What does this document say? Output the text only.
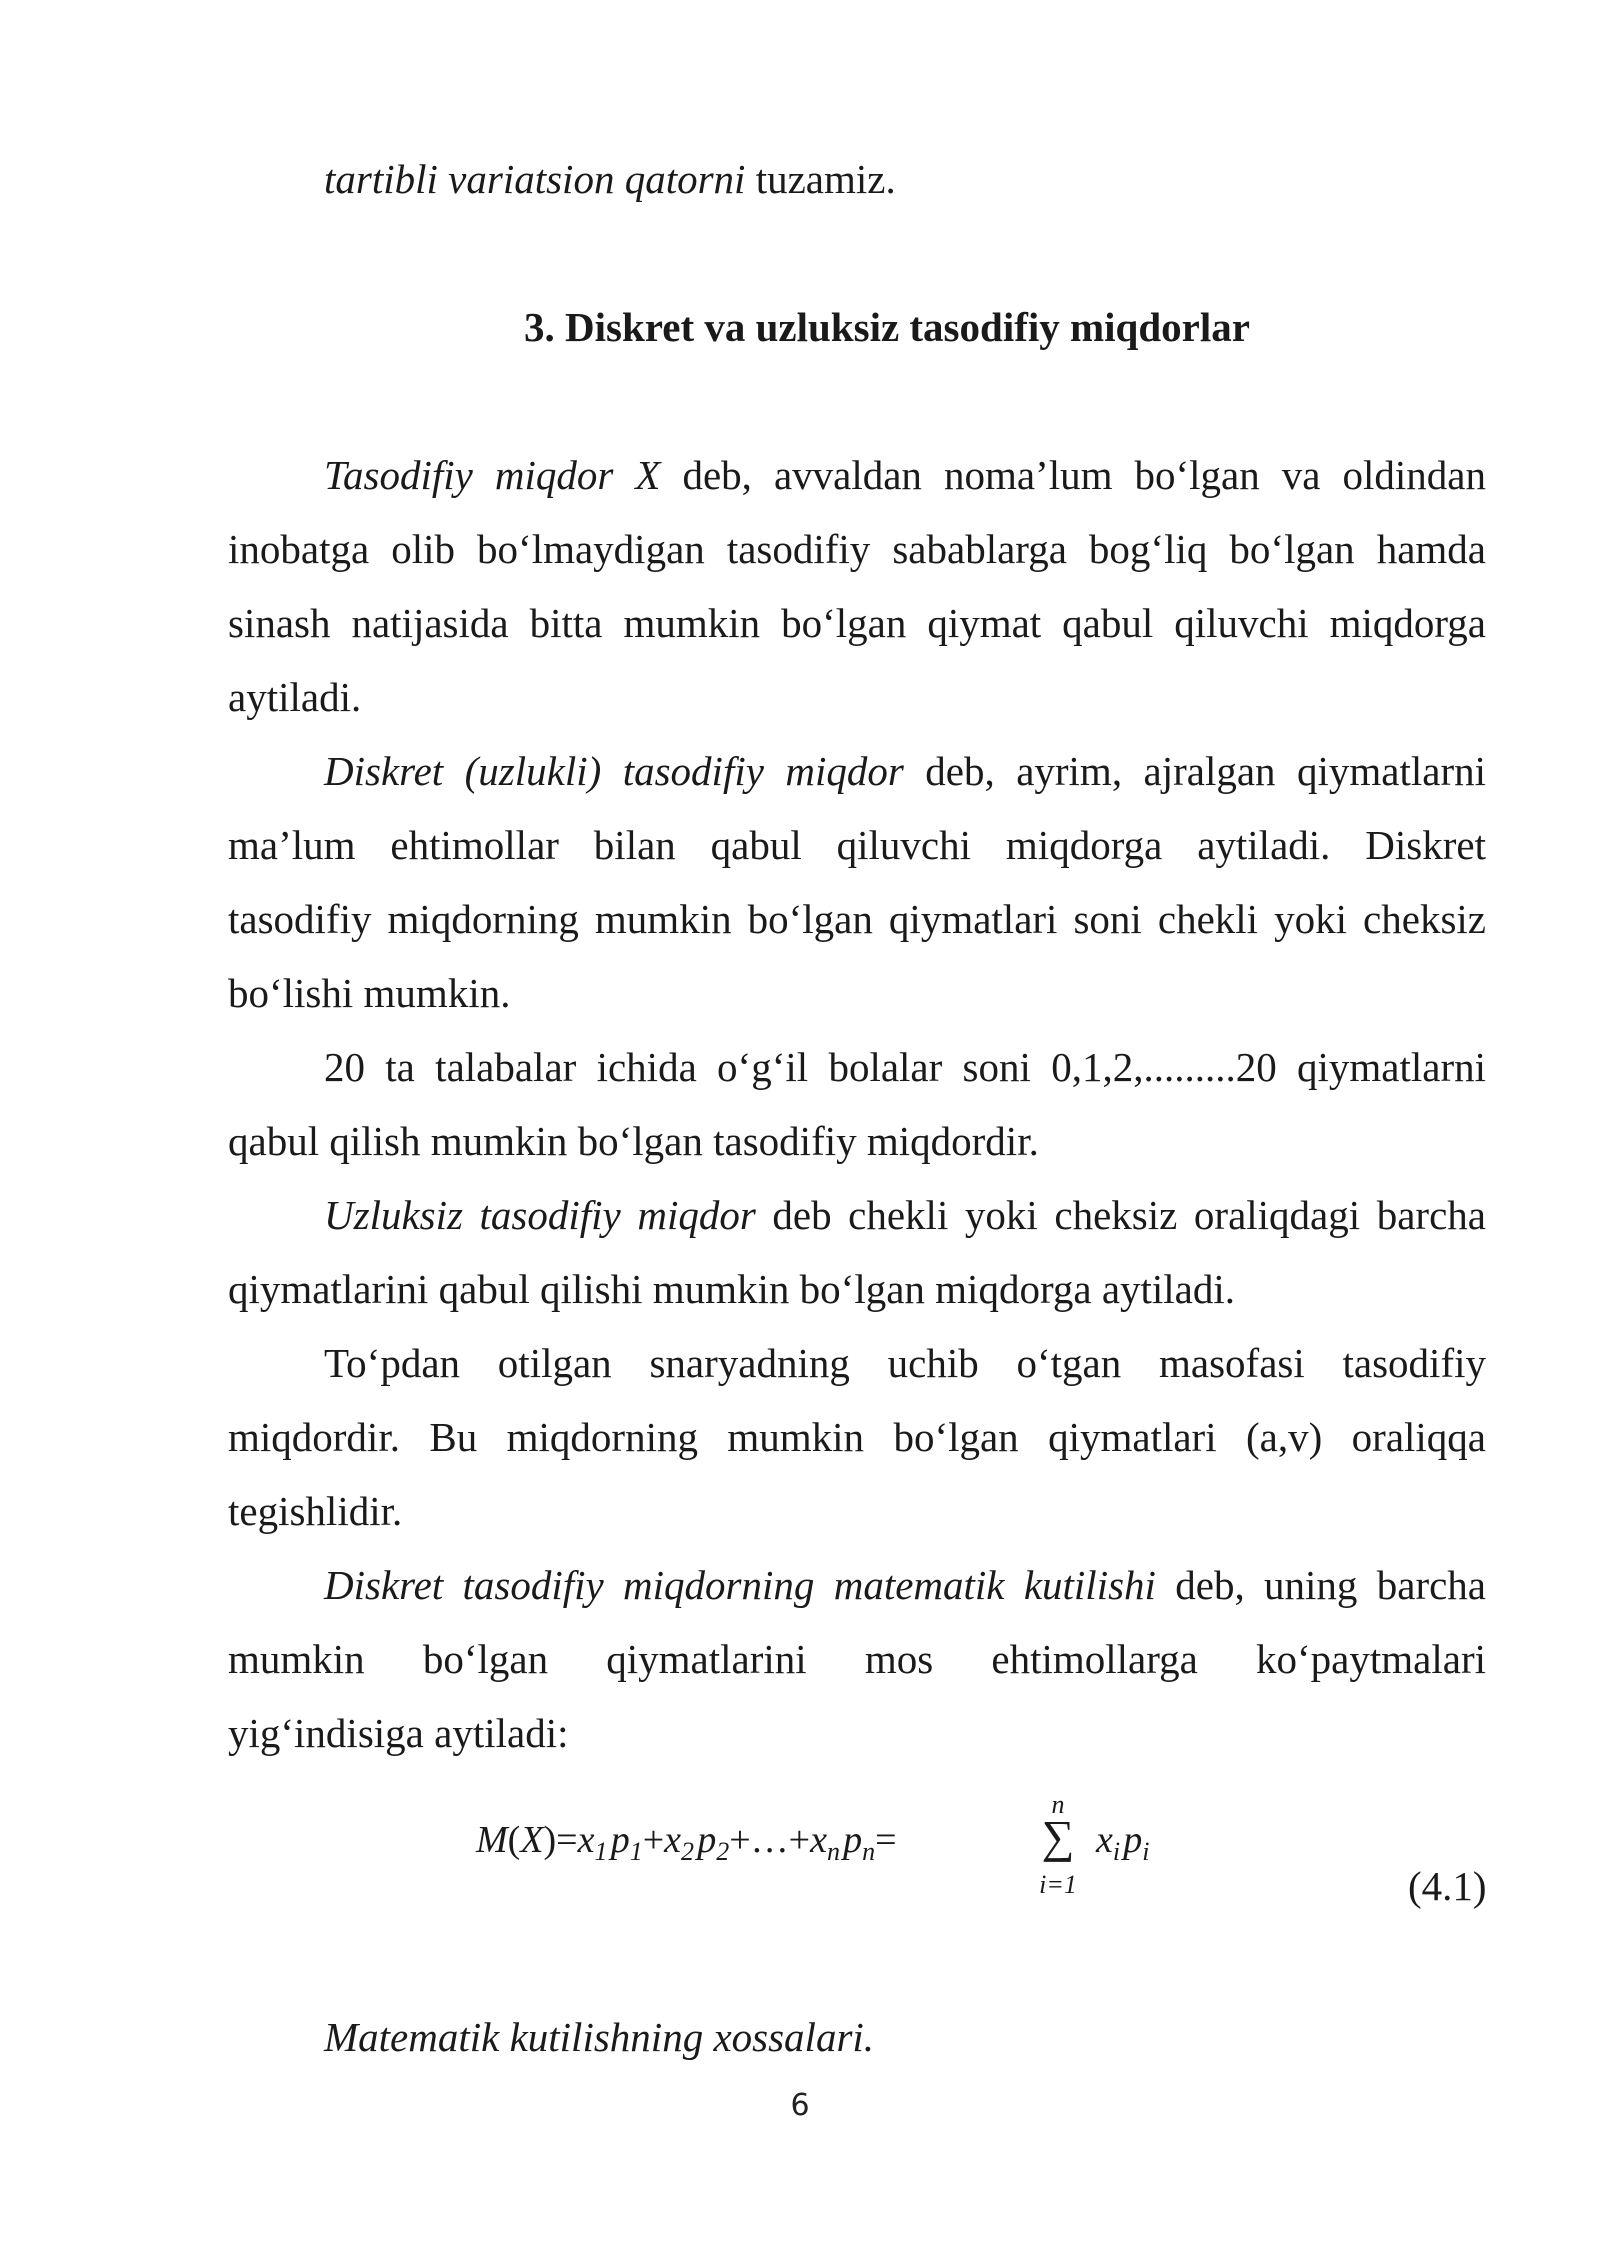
tartibli variatsion qatorni tuzamiz.
3. Diskret va uzluksiz tasodifiy miqdorlar
Tasodifiy miqdor X deb, avvaldan noma’lum bo‘lgan va oldindan
inobatga olib bo‘lmaydigan tasodifiy sabablarga bog‘liq bo‘lgan hamda
sinash natijasida bitta mumkin bo‘lgan qiymat qabul qiluvchi miqdorga
aytiladi.
Diskret (uzlukli) tasodifiy miqdor deb, ayrim, ajralgan qiymatlarni
ma’lum ehtimollar bilan qabul qiluvchi miqdorga aytiladi. Diskret
tasodifiy miqdorning mumkin bo‘lgan qiymatlari soni chekli yoki cheksiz
bo‘lishi mumkin.
20 ta talabalar ichida o‘g‘il bolalar soni 0,1,2,.........20 qiymatlarni
qabul qilish mumkin bo‘lgan tasodifiy miqdordir.
Uzluksiz tasodifiy miqdor deb chekli yoki cheksiz oraliqdagi barcha
qiymatlarini qabul qilishi mumkin bo‘lgan miqdorga aytiladi.
To‘pdan otilgan snaryadning uchib o‘tgan masofasi tasodifiy
miqdordir. Bu miqdorning mumkin bo‘lgan qiymatlari (a,v) oraliqqa
tegishlidir.
Diskret tasodifiy miqdorning matematik kutilishi deb, uning barcha
mumkin bo‘lgan qiymatlarini mos ehtimollarga ko‘paytmalari
yig‘indisiga aytiladi:
$M(X)=x_1$ $p_1+x_2$ $p_2+\dots+x_n$ $p_n=$
n
∑
i=1
$x_i$ $p_i$
(4.1)
Matematik kutilishning xossalari.
6
